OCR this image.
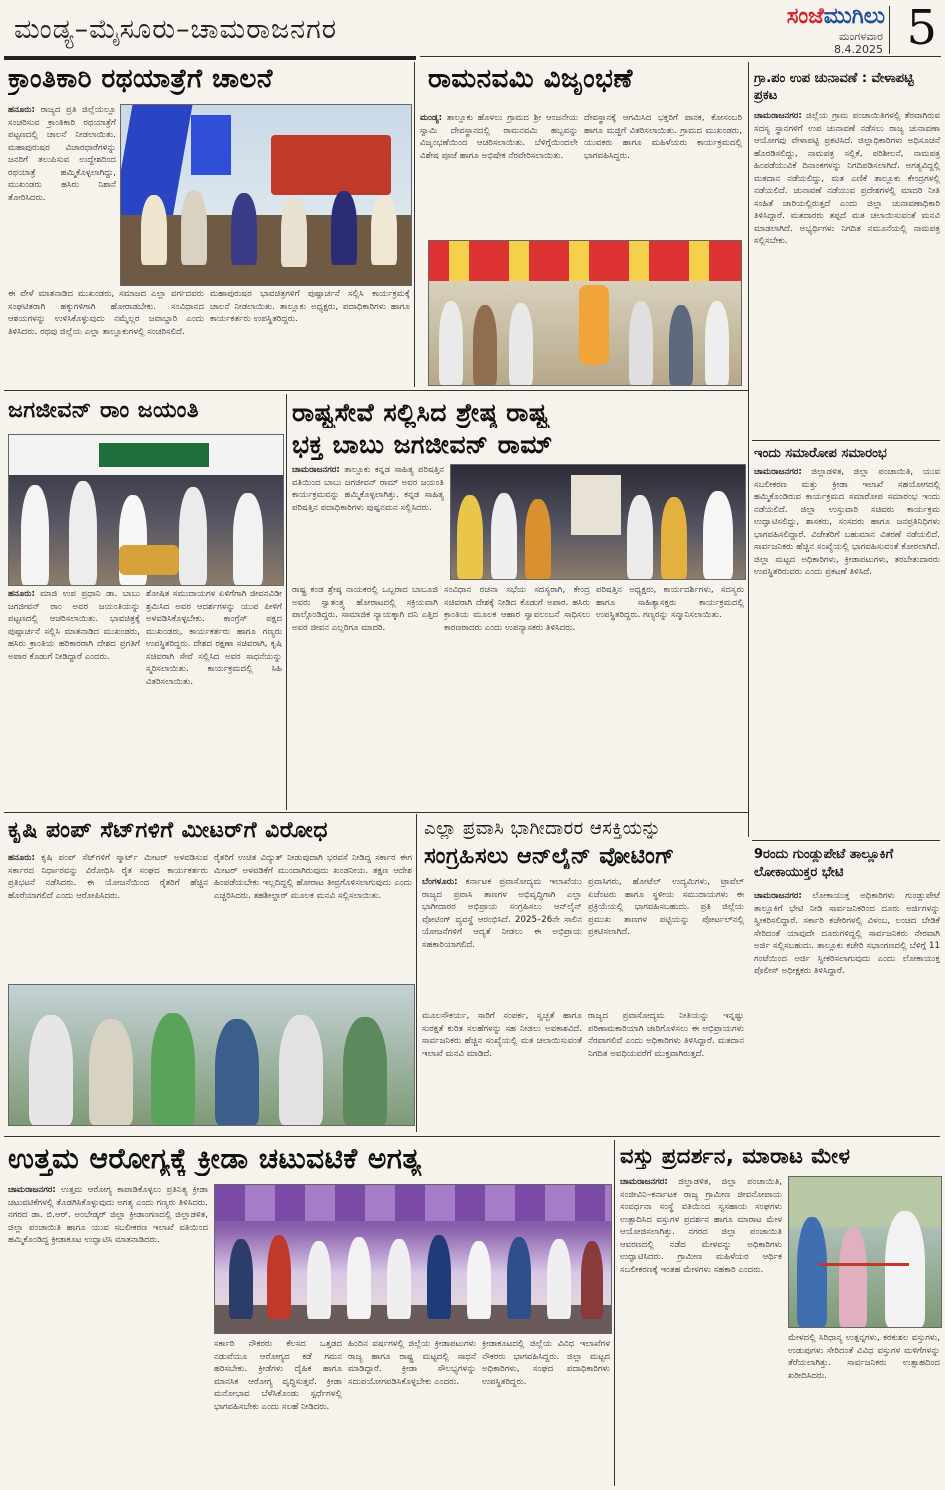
ಮಂಡ್ಯ–ಮೈಸೂರು–ಚಾಮರಾಜನಗರ	ಸಂಜೆಮುಗಿಲು
ಮಂಗಳವಾರ
8.4.2025 5
ಕ್ರಾಂತಿಕಾರಿ ರಥಯಾತ್ರೆಗೆ ಚಾಲನೆ
ಹನೂರು: ರಾಜ್ಯದ ಪ್ರತಿ ಜಿಲ್ಲೆಯಲ್ಲೂ ಸಂಚರಿಸುವ ಕ್ರಾಂತಿಕಾರಿ ರಥಯಾತ್ರೆಗೆ ಪಟ್ಟಣದಲ್ಲಿ ಚಾಲನೆ ನೀಡಲಾಯಿತು. ಮಹಾಪುರುಷರ ವಿಚಾರಧಾರೆಗಳನ್ನು ಜನರಿಗೆ ತಲುಪಿಸುವ ಉದ್ದೇಶದಿಂದ ರಥಯಾತ್ರೆ ಹಮ್ಮಿಕೊಳ್ಳಲಾಗಿದ್ದು, ಮುಖಂಡರು ಹಸಿರು ನಿಶಾನೆ ತೋರಿಸಿದರು.
ಈ ವೇಳೆ ಮಾತನಾಡಿದ ಮುಖಂಡರು, ಸಮಾಜದ ಎಲ್ಲಾ ವರ್ಗದವರು ಸಂಘಟಿತರಾಗಿ ಹಕ್ಕುಗಳಿಗಾಗಿ ಹೋರಾಡಬೇಕು. ಸಂವಿಧಾನದ ಆಶಯಗಳನ್ನು ಉಳಿಸಿಕೊಳ್ಳುವುದು ನಮ್ಮೆಲ್ಲರ ಜವಾಬ್ದಾರಿ ಎಂದು ತಿಳಿಸಿದರು. ರಥವು ಜಿಲ್ಲೆಯ ಎಲ್ಲಾ ತಾಲ್ಲೂಕುಗಳಲ್ಲಿ ಸಂಚರಿಸಲಿದೆ.
ಮಹಾಪುರುಷರ ಭಾವಚಿತ್ರಗಳಿಗೆ ಪುಷ್ಪಾರ್ಚನೆ ಸಲ್ಲಿಸಿ ಕಾರ್ಯಕ್ರಮಕ್ಕೆ ಚಾಲನೆ ನೀಡಲಾಯಿತು. ತಾಲ್ಲೂಕು ಅಧ್ಯಕ್ಷರು, ಪದಾಧಿಕಾರಿಗಳು ಹಾಗೂ ಕಾರ್ಯಕರ್ತರು ಉಪಸ್ಥಿತರಿದ್ದರು.
ರಾಮನವಮಿ ವಿಜೃಂಭಣೆ
ಮಂಡ್ಯ: ತಾಲ್ಲೂಕು ಹೊಳಲು ಗ್ರಾಮದ ಶ್ರೀ ಆಂಜನೇಯ ಸ್ವಾಮಿ ದೇವಸ್ಥಾನದಲ್ಲಿ ರಾಮನವಮಿ ಹಬ್ಬವನ್ನು ವಿಜೃಂಭಣೆಯಿಂದ ಆಚರಿಸಲಾಯಿತು. ಬೆಳಿಗ್ಗೆಯಿಂದಲೇ ವಿಶೇಷ ಪೂಜೆ ಹಾಗೂ ಅಭಿಷೇಕ ನೆರವೇರಿಸಲಾಯಿತು.
ದೇವಸ್ಥಾನಕ್ಕೆ ಆಗಮಿಸಿದ ಭಕ್ತರಿಗೆ ಪಾನಕ, ಕೋಸಂಬರಿ ಹಾಗೂ ಮಜ್ಜಿಗೆ ವಿತರಿಸಲಾಯಿತು. ಗ್ರಾಮದ ಮುಖಂಡರು, ಯುವಕರು ಹಾಗೂ ಮಹಿಳೆಯರು ಕಾರ್ಯಕ್ರಮದಲ್ಲಿ ಭಾಗವಹಿಸಿದ್ದರು.
ಗ್ರಾ.ಪಂ ಉಪ ಚುನಾವಣೆ : ವೇಳಾಪಟ್ಟಿ ಪ್ರಕಟ
ಚಾಮರಾಜನಗರ: ಜಿಲ್ಲೆಯ ಗ್ರಾಮ ಪಂಚಾಯಿತಿಗಳಲ್ಲಿ ತೆರವಾಗಿರುವ ಸದಸ್ಯ ಸ್ಥಾನಗಳಿಗೆ ಉಪ ಚುನಾವಣೆ ನಡೆಸಲು ರಾಜ್ಯ ಚುನಾವಣಾ ಆಯೋಗವು ವೇಳಾಪಟ್ಟಿ ಪ್ರಕಟಿಸಿದೆ. ಜಿಲ್ಲಾಧಿಕಾರಿಗಳು ಅಧಿಸೂಚನೆ ಹೊರಡಿಸಲಿದ್ದು, ನಾಮಪತ್ರ ಸಲ್ಲಿಕೆ, ಪರಿಶೀಲನೆ, ನಾಮಪತ್ರ ಹಿಂಪಡೆಯುವಿಕೆ ದಿನಾಂಕಗಳನ್ನು ನಿಗದಿಪಡಿಸಲಾಗಿದೆ. ಅಗತ್ಯವಿದ್ದಲ್ಲಿ ಮತದಾನ ನಡೆಯಲಿದ್ದು, ಮತ ಎಣಿಕೆ ತಾಲ್ಲೂಕು ಕೇಂದ್ರಗಳಲ್ಲಿ ನಡೆಯಲಿದೆ. ಚುನಾವಣೆ ನಡೆಯುವ ಪ್ರದೇಶಗಳಲ್ಲಿ ಮಾದರಿ ನೀತಿ ಸಂಹಿತೆ ಜಾರಿಯಲ್ಲಿರುತ್ತದೆ ಎಂದು ಜಿಲ್ಲಾ ಚುನಾವಣಾಧಿಕಾರಿ ತಿಳಿಸಿದ್ದಾರೆ. ಮತದಾರರು ತಪ್ಪದೆ ಮತ ಚಲಾಯಿಸುವಂತೆ ಮನವಿ ಮಾಡಲಾಗಿದೆ. ಅಭ್ಯರ್ಥಿಗಳು ನಿಗದಿತ ನಮೂನೆಯಲ್ಲಿ ನಾಮಪತ್ರ ಸಲ್ಲಿಸಬೇಕು.
ಇಂದು ಸಮಾರೋಪ ಸಮಾರಂಭ
ಚಾಮರಾಜನಗರ: ಜಿಲ್ಲಾಡಳಿತ, ಜಿಲ್ಲಾ ಪಂಚಾಯಿತಿ, ಯುವ ಸಬಲೀಕರಣ ಮತ್ತು ಕ್ರೀಡಾ ಇಲಾಖೆ ಸಹಯೋಗದಲ್ಲಿ ಹಮ್ಮಿಕೊಂಡಿರುವ ಕಾರ್ಯಕ್ರಮದ ಸಮಾರೋಪ ಸಮಾರಂಭ ಇಂದು ನಡೆಯಲಿದೆ. ಜಿಲ್ಲಾ ಉಸ್ತುವಾರಿ ಸಚಿವರು ಕಾರ್ಯಕ್ರಮ ಉದ್ಘಾಟಿಸಲಿದ್ದು, ಶಾಸಕರು, ಸಂಸದರು ಹಾಗೂ ಜನಪ್ರತಿನಿಧಿಗಳು ಭಾಗವಹಿಸಲಿದ್ದಾರೆ. ವಿಜೇತರಿಗೆ ಬಹುಮಾನ ವಿತರಣೆ ನಡೆಯಲಿದೆ. ಸಾರ್ವಜನಿಕರು ಹೆಚ್ಚಿನ ಸಂಖ್ಯೆಯಲ್ಲಿ ಭಾಗವಹಿಸುವಂತೆ ಕೋರಲಾಗಿದೆ. ಜಿಲ್ಲಾ ಮಟ್ಟದ ಅಧಿಕಾರಿಗಳು, ಕ್ರೀಡಾಪಟುಗಳು, ತರಬೇತುದಾರರು ಉಪಸ್ಥಿತರಿರುವರು ಎಂದು ಪ್ರಕಟಣೆ ತಿಳಿಸಿದೆ.
ಜಗಜೀವನ್ ರಾಂ ಜಯಂತಿ
ಹನೂರು: ಮಾಜಿ ಉಪ ಪ್ರಧಾನಿ ಡಾ. ಬಾಬು ಜಗಜೀವನ್ ರಾಂ ಅವರ ಜಯಂತಿಯನ್ನು ಪಟ್ಟಣದಲ್ಲಿ ಆಚರಿಸಲಾಯಿತು. ಭಾವಚಿತ್ರಕ್ಕೆ ಪುಷ್ಪಾರ್ಚನೆ ಸಲ್ಲಿಸಿ ಮಾತನಾಡಿದ ಮುಖಂಡರು, ಹಸಿರು ಕ್ರಾಂತಿಯ ಹರಿಕಾರರಾಗಿ ದೇಶದ ಪ್ರಗತಿಗೆ ಅಪಾರ ಕೊಡುಗೆ ನೀಡಿದ್ದಾರೆ ಎಂದರು.
ಶೋಷಿತ ಸಮುದಾಯಗಳ ಏಳಿಗೆಗಾಗಿ ಜೀವನವಿಡೀ ಶ್ರಮಿಸಿದ ಅವರ ಆದರ್ಶಗಳನ್ನು ಯುವ ಪೀಳಿಗೆ ಅಳವಡಿಸಿಕೊಳ್ಳಬೇಕು. ಕಾಂಗ್ರೆಸ್ ಪಕ್ಷದ ಮುಖಂಡರು, ಕಾರ್ಯಕರ್ತರು ಹಾಗೂ ಗಣ್ಯರು ಉಪಸ್ಥಿತರಿದ್ದರು. ದೇಶದ ರಕ್ಷಣಾ ಸಚಿವರಾಗಿ, ಕೃಷಿ ಸಚಿವರಾಗಿ ಸೇವೆ ಸಲ್ಲಿಸಿದ ಅವರ ಸಾಧನೆಯನ್ನು ಸ್ಮರಿಸಲಾಯಿತು. ಕಾರ್ಯಕ್ರಮದಲ್ಲಿ ಸಿಹಿ ವಿತರಿಸಲಾಯಿತು.
ರಾಷ್ಟ್ರಸೇವೆ ಸಲ್ಲಿಸಿದ ಶ್ರೇಷ್ಠ ರಾಷ್ಟ್ರ
ಭಕ್ತ ಬಾಬು ಜಗಜೀವನ್ ರಾಮ್
ಚಾಮರಾಜನಗರ: ತಾಲ್ಲೂಕು ಕನ್ನಡ ಸಾಹಿತ್ಯ ಪರಿಷತ್ತಿನ ವತಿಯಿಂದ ಬಾಬು ಜಗಜೀವನ್ ರಾಮ್ ಅವರ ಜಯಂತಿ ಕಾರ್ಯಕ್ರಮವನ್ನು ಹಮ್ಮಿಕೊಳ್ಳಲಾಗಿತ್ತು. ಕನ್ನಡ ಸಾಹಿತ್ಯ ಪರಿಷತ್ತಿನ ಪದಾಧಿಕಾರಿಗಳು ಪುಷ್ಪನಮನ ಸಲ್ಲಿಸಿದರು.
ರಾಷ್ಟ್ರ ಕಂಡ ಶ್ರೇಷ್ಠ ನಾಯಕರಲ್ಲಿ ಒಬ್ಬರಾದ ಬಾಬೂಜಿ ಅವರು ಸ್ವಾತಂತ್ರ್ಯ ಹೋರಾಟದಲ್ಲಿ ಸಕ್ರಿಯವಾಗಿ ಪಾಲ್ಗೊಂಡಿದ್ದರು. ಸಾಮಾಜಿಕ ನ್ಯಾಯಕ್ಕಾಗಿ ದನಿ ಎತ್ತಿದ ಅವರ ಜೀವನ ಎಲ್ಲರಿಗೂ ಮಾದರಿ.
ಸಂವಿಧಾನ ರಚನಾ ಸಭೆಯ ಸದಸ್ಯರಾಗಿ, ಕೇಂದ್ರ ಸಚಿವರಾಗಿ ದೇಶಕ್ಕೆ ನೀಡಿದ ಕೊಡುಗೆ ಅಪಾರ. ಹಸಿರು ಕ್ರಾಂತಿಯ ಮೂಲಕ ಆಹಾರ ಸ್ವಾವಲಂಬನೆ ಸಾಧಿಸಲು ಕಾರಣರಾದರು ಎಂದು ಉಪನ್ಯಾಸಕರು ತಿಳಿಸಿದರು.
ಪರಿಷತ್ತಿನ ಅಧ್ಯಕ್ಷರು, ಕಾರ್ಯದರ್ಶಿಗಳು, ಸದಸ್ಯರು ಹಾಗೂ ಸಾಹಿತ್ಯಾಸಕ್ತರು ಕಾರ್ಯಕ್ರಮದಲ್ಲಿ ಉಪಸ್ಥಿತರಿದ್ದರು. ಗಣ್ಯರನ್ನು ಸನ್ಮಾನಿಸಲಾಯಿತು.
ಕೃಷಿ ಪಂಪ್ ಸೆಟ್‌ಗಳಿಗೆ ಮೀಟರ್‌ಗೆ ವಿರೋಧ
ಹನೂರು: ಕೃಷಿ ಪಂಪ್ ಸೆಟ್‌ಗಳಿಗೆ ಸ್ಮಾರ್ಟ್ ಮೀಟರ್ ಅಳವಡಿಸುವ ಸರ್ಕಾರದ ನಿರ್ಧಾರವನ್ನು ವಿರೋಧಿಸಿ ರೈತ ಸಂಘದ ಕಾರ್ಯಕರ್ತರು ಪ್ರತಿಭಟನೆ ನಡೆಸಿದರು. ಈ ಯೋಜನೆಯಿಂದ ರೈತರಿಗೆ ಹೆಚ್ಚಿನ ಹೊರೆಯಾಗಲಿದೆ ಎಂದು ಆರೋಪಿಸಿದರು.
ರೈತರಿಗೆ ಉಚಿತ ವಿದ್ಯುತ್ ನೀಡುವುದಾಗಿ ಭರವಸೆ ನೀಡಿದ್ದ ಸರ್ಕಾರ ಈಗ ಮೀಟರ್ ಅಳವಡಿಕೆಗೆ ಮುಂದಾಗಿರುವುದು ಖಂಡನೀಯ. ತಕ್ಷಣ ಆದೇಶ ಹಿಂಪಡೆಯಬೇಕು ಇಲ್ಲದಿದ್ದಲ್ಲಿ ಹೋರಾಟ ತೀವ್ರಗೊಳಿಸಲಾಗುವುದು ಎಂದು ಎಚ್ಚರಿಸಿದರು. ತಹಶೀಲ್ದಾರ್ ಮೂಲಕ ಮನವಿ ಸಲ್ಲಿಸಲಾಯಿತು.
ಎಲ್ಲಾ ಪ್ರವಾಸಿ ಭಾಗೀದಾರರ ಆಸಕ್ತಿಯನ್ನು
ಸಂಗ್ರಹಿಸಲು ಆನ್‌ಲೈನ್ ವೋಟಿಂಗ್
ಬೆಂಗಳೂರು: ಕರ್ನಾಟಕ ಪ್ರವಾಸೋದ್ಯಮ ಇಲಾಖೆಯು ರಾಜ್ಯದ ಪ್ರವಾಸಿ ತಾಣಗಳ ಅಭಿವೃದ್ಧಿಗಾಗಿ ಎಲ್ಲಾ ಭಾಗೀದಾರರ ಅಭಿಪ್ರಾಯ ಸಂಗ್ರಹಿಸಲು ಆನ್‌ಲೈನ್ ವೋಟಿಂಗ್ ವ್ಯವಸ್ಥೆ ಆರಂಭಿಸಿದೆ. 2025–26ನೇ ಸಾಲಿನ ಯೋಜನೆಗಳಿಗೆ ಆದ್ಯತೆ ನೀಡಲು ಈ ಅಭಿಪ್ರಾಯ ಸಹಕಾರಿಯಾಗಲಿದೆ.
ಪ್ರವಾಸಿಗರು, ಹೋಟೆಲ್ ಉದ್ಯಮಿಗಳು, ಟ್ರಾವೆಲ್ ಏಜೆಂಟರು ಹಾಗೂ ಸ್ಥಳೀಯ ಸಮುದಾಯಗಳು ಈ ಪ್ರಕ್ರಿಯೆಯಲ್ಲಿ ಭಾಗವಹಿಸಬಹುದು. ಪ್ರತಿ ಜಿಲ್ಲೆಯ ಪ್ರಮುಖ ತಾಣಗಳ ಪಟ್ಟಿಯನ್ನು ಪೋರ್ಟಲ್‌ನಲ್ಲಿ ಪ್ರಕಟಿಸಲಾಗಿದೆ.
ಮೂಲಸೌಕರ್ಯ, ಸಾರಿಗೆ ಸಂಪರ್ಕ, ಸ್ವಚ್ಛತೆ ಹಾಗೂ ಸುರಕ್ಷತೆ ಕುರಿತ ಸಲಹೆಗಳನ್ನು ಸಹ ನೀಡಲು ಅವಕಾಶವಿದೆ. ಸಾರ್ವಜನಿಕರು ಹೆಚ್ಚಿನ ಸಂಖ್ಯೆಯಲ್ಲಿ ಮತ ಚಲಾಯಿಸುವಂತೆ ಇಲಾಖೆ ಮನವಿ ಮಾಡಿದೆ.
ರಾಜ್ಯದ ಪ್ರವಾಸೋದ್ಯಮ ನೀತಿಯನ್ನು ಇನ್ನಷ್ಟು ಪರಿಣಾಮಕಾರಿಯಾಗಿ ಜಾರಿಗೊಳಿಸಲು ಈ ಅಭಿಪ್ರಾಯಗಳು ನೆರವಾಗಲಿವೆ ಎಂದು ಅಧಿಕಾರಿಗಳು ತಿಳಿಸಿದ್ದಾರೆ. ಮತದಾನ ನಿಗದಿತ ಅವಧಿಯವರೆಗೆ ಮುಕ್ತವಾಗಿರುತ್ತದೆ.
9ರಂದು ಗುಂಡ್ಲುಪೇಟೆ ತಾಲ್ಲೂಕಿಗೆ ಲೋಕಾಯುಕ್ತರ ಭೇಟಿ
ಚಾಮರಾಜನಗರ: ಲೋಕಾಯುಕ್ತ ಅಧಿಕಾರಿಗಳು ಗುಂಡ್ಲುಪೇಟೆ ತಾಲ್ಲೂಕಿಗೆ ಭೇಟಿ ನೀಡಿ ಸಾರ್ವಜನಿಕರಿಂದ ದೂರು ಅರ್ಜಿಗಳನ್ನು ಸ್ವೀಕರಿಸಲಿದ್ದಾರೆ. ಸರ್ಕಾರಿ ಕಚೇರಿಗಳಲ್ಲಿ ವಿಳಂಬ, ಲಂಚದ ಬೇಡಿಕೆ ಸೇರಿದಂತೆ ಯಾವುದೇ ದೂರುಗಳಿದ್ದಲ್ಲಿ ಸಾರ್ವಜನಿಕರು ನೇರವಾಗಿ ಅರ್ಜಿ ಸಲ್ಲಿಸಬಹುದು. ತಾಲ್ಲೂಕು ಕಚೇರಿ ಸಭಾಂಗಣದಲ್ಲಿ ಬೆಳಿಗ್ಗೆ 11 ಗಂಟೆಯಿಂದ ಅರ್ಜಿ ಸ್ವೀಕರಿಸಲಾಗುವುದು ಎಂದು ಲೋಕಾಯುಕ್ತ ಪೊಲೀಸ್ ಅಧೀಕ್ಷಕರು ತಿಳಿಸಿದ್ದಾರೆ.
ಉತ್ತಮ ಆರೋಗ್ಯಕ್ಕೆ ಕ್ರೀಡಾ ಚಟುವಟಿಕೆ ಅಗತ್ಯ
ಚಾಮರಾಜನಗರ: ಉತ್ತಮ ಆರೋಗ್ಯ ಕಾಪಾಡಿಕೊಳ್ಳಲು ಪ್ರತಿನಿತ್ಯ ಕ್ರೀಡಾ ಚಟುವಟಿಕೆಗಳಲ್ಲಿ ತೊಡಗಿಸಿಕೊಳ್ಳುವುದು ಅಗತ್ಯ ಎಂದು ಗಣ್ಯರು ತಿಳಿಸಿದರು. ನಗರದ ಡಾ. ಬಿ.ಆರ್. ಅಂಬೇಡ್ಕರ್ ಜಿಲ್ಲಾ ಕ್ರೀಡಾಂಗಣದಲ್ಲಿ ಜಿಲ್ಲಾಡಳಿತ, ಜಿಲ್ಲಾ ಪಂಚಾಯಿತಿ ಹಾಗೂ ಯುವ ಸಬಲೀಕರಣ ಇಲಾಖೆ ವತಿಯಿಂದ ಹಮ್ಮಿಕೊಂಡಿದ್ದ ಕ್ರೀಡಾಕೂಟ ಉದ್ಘಾಟಿಸಿ ಮಾತನಾಡಿದರು.
ಸರ್ಕಾರಿ ನೌಕರರು ಕೆಲಸದ ಒತ್ತಡದ ನಡುವೆಯೂ ಆರೋಗ್ಯದ ಕಡೆ ಗಮನ ಹರಿಸಬೇಕು. ಕ್ರೀಡೆಗಳು ದೈಹಿಕ ಹಾಗೂ ಮಾನಸಿಕ ಆರೋಗ್ಯ ವೃದ್ಧಿಸುತ್ತವೆ. ಕ್ರೀಡಾ ಮನೋಭಾವ ಬೆಳೆಸಿಕೊಂಡು ಸ್ಪರ್ಧೆಗಳಲ್ಲಿ ಭಾಗವಹಿಸಬೇಕು ಎಂದು ಸಲಹೆ ನೀಡಿದರು.
ಹಿಂದಿನ ವರ್ಷಗಳಲ್ಲಿ ಜಿಲ್ಲೆಯ ಕ್ರೀಡಾಪಟುಗಳು ರಾಜ್ಯ ಹಾಗೂ ರಾಷ್ಟ್ರ ಮಟ್ಟದಲ್ಲಿ ಸಾಧನೆ ಮಾಡಿದ್ದಾರೆ. ಕ್ರೀಡಾ ಸೌಲಭ್ಯಗಳನ್ನು ಸದುಪಯೋಗಪಡಿಸಿಕೊಳ್ಳಬೇಕು ಎಂದರು.
ಕ್ರೀಡಾಕೂಟದಲ್ಲಿ ಜಿಲ್ಲೆಯ ವಿವಿಧ ಇಲಾಖೆಗಳ ನೌಕರರು ಭಾಗವಹಿಸಿದ್ದರು. ಜಿಲ್ಲಾ ಮಟ್ಟದ ಅಧಿಕಾರಿಗಳು, ಸಂಘದ ಪದಾಧಿಕಾರಿಗಳು ಉಪಸ್ಥಿತರಿದ್ದರು.
ವಸ್ತು ಪ್ರದರ್ಶನ, ಮಾರಾಟ ಮೇಳ
ಚಾಮರಾಜನಗರ: ಜಿಲ್ಲಾಡಳಿತ, ಜಿಲ್ಲಾ ಪಂಚಾಯಿತಿ, ಸಂಜೀವಿನಿ–ಕರ್ನಾಟಕ ರಾಜ್ಯ ಗ್ರಾಮೀಣ ಜೀವನೋಪಾಯ ಸಂವರ್ಧನಾ ಸಂಸ್ಥೆ ವತಿಯಿಂದ ಸ್ವಸಹಾಯ ಸಂಘಗಳು ಉತ್ಪಾದಿಸಿದ ವಸ್ತುಗಳ ಪ್ರದರ್ಶನ ಹಾಗೂ ಮಾರಾಟ ಮೇಳ ಆಯೋಜಿಸಲಾಗಿತ್ತು. ನಗರದ ಜಿಲ್ಲಾ ಪಂಚಾಯಿತಿ ಆವರಣದಲ್ಲಿ ನಡೆದ ಮೇಳವನ್ನು ಅಧಿಕಾರಿಗಳು ಉದ್ಘಾಟಿಸಿದರು. ಗ್ರಾಮೀಣ ಮಹಿಳೆಯರ ಆರ್ಥಿಕ ಸಬಲೀಕರಣಕ್ಕೆ ಇಂತಹ ಮೇಳಗಳು ಸಹಕಾರಿ ಎಂದರು.
ಮೇಳದಲ್ಲಿ ಸಿರಿಧಾನ್ಯ ಉತ್ಪನ್ನಗಳು, ಕರಕುಶಲ ವಸ್ತುಗಳು, ಉಡುಪುಗಳು ಸೇರಿದಂತೆ ವಿವಿಧ ವಸ್ತುಗಳ ಮಳಿಗೆಗಳನ್ನು ತೆರೆಯಲಾಗಿತ್ತು. ಸಾರ್ವಜನಿಕರು ಉತ್ಸಾಹದಿಂದ ಖರೀದಿಸಿದರು.
